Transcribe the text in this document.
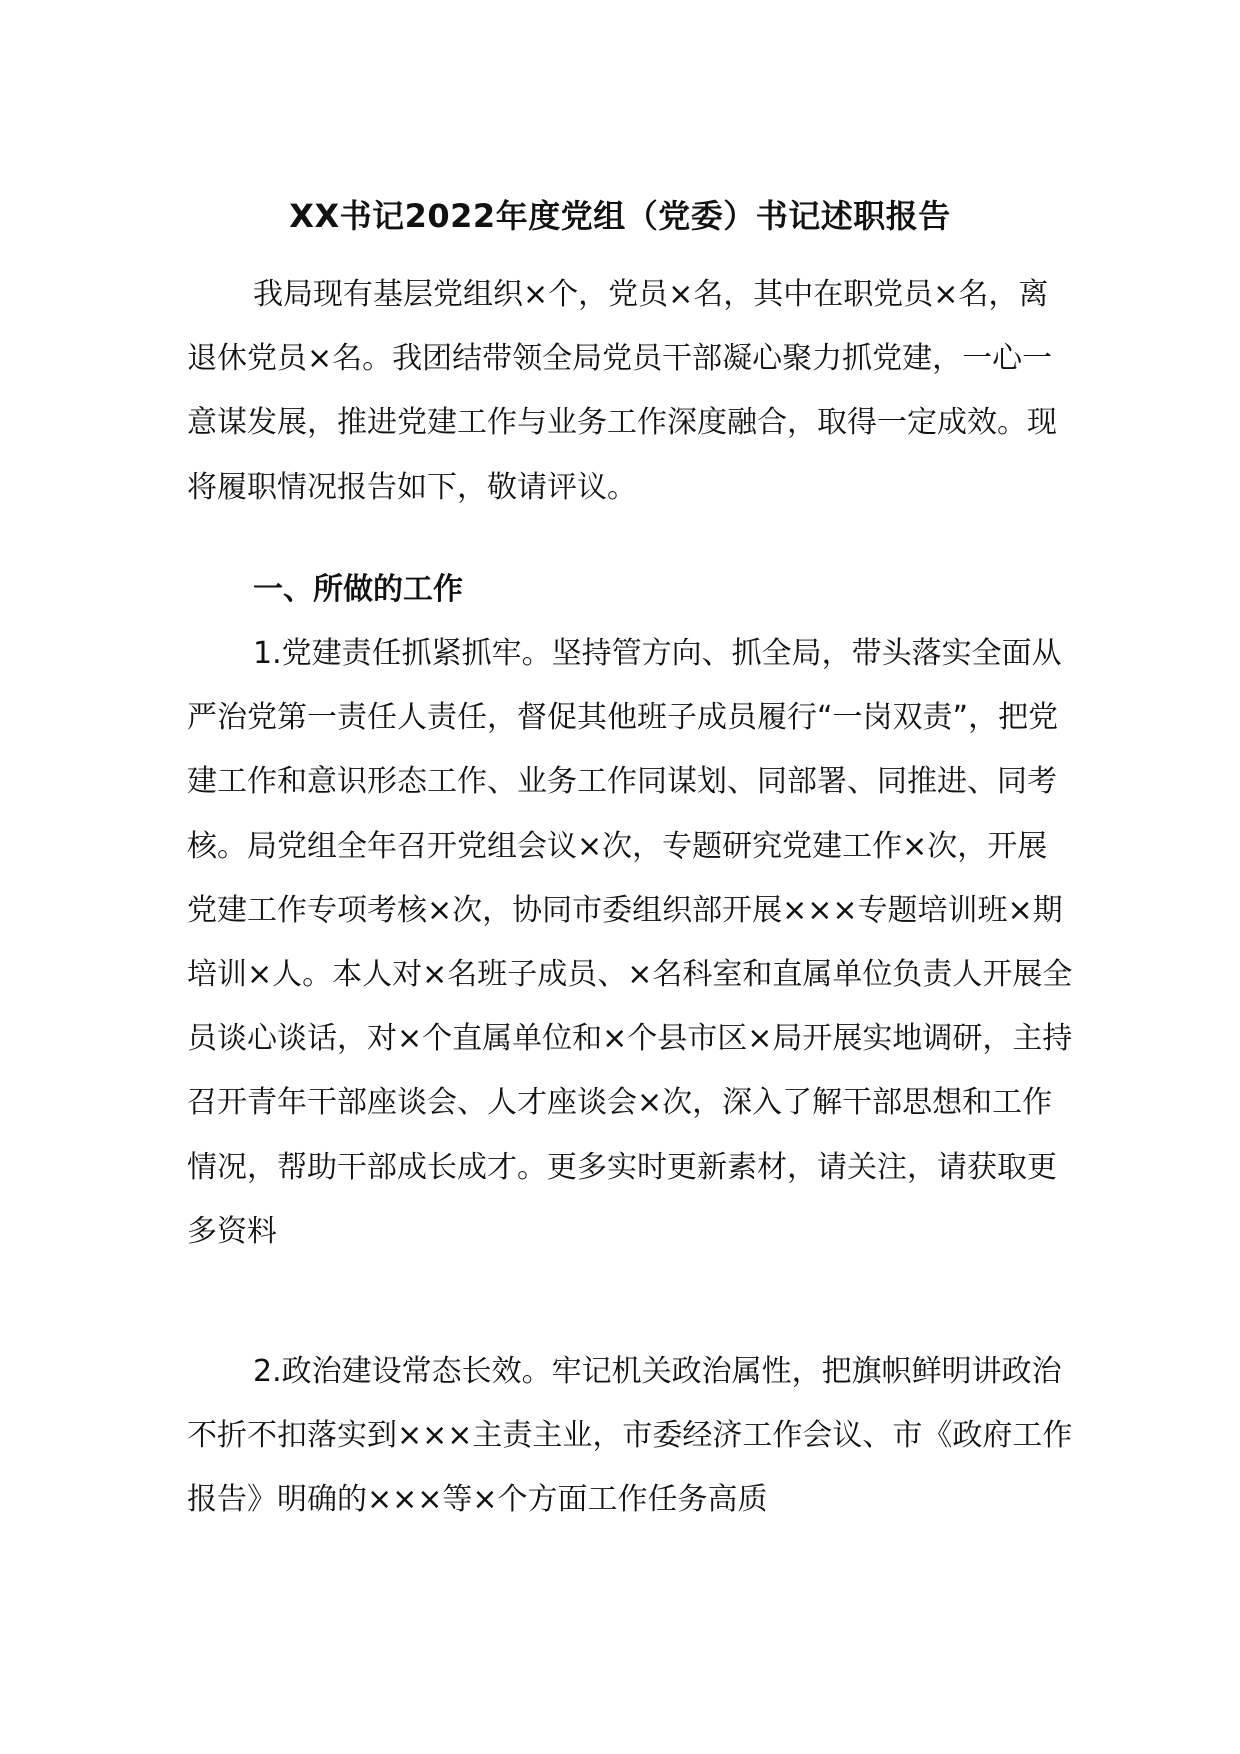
XX书记2022年度党组（党委）书记述职报告
我局现有基层党组织×个，党员×名，其中在职党员×名，离退休党员×名。我团结带领全局党员干部凝心聚力抓党建，一心一意谋发展，推进党建工作与业务工作深度融合，取得一定成效。现将履职情况报告如下，敬请评议。
一、所做的工作
1.党建责任抓紧抓牢。坚持管方向、抓全局，带头落实全面从严治党第一责任人责任，督促其他班子成员履行“一岗双责”，把党建工作和意识形态工作、业务工作同谋划、同部署、同推进、同考核。局党组全年召开党组会议×次，专题研究党建工作×次，开展党建工作专项考核×次，协同市委组织部开展×××专题培训班×期培训×人。本人对×名班子成员、×名科室和直属单位负责人开展全员谈心谈话，对×个直属单位和×个县市区×局开展实地调研，主持召开青年干部座谈会、人才座谈会×次，深入了解干部思想和工作情况，帮助干部成长成才。更多实时更新素材，请关注，请获取更多资料
2.政治建设常态长效。牢记机关政治属性，把旗帜鲜明讲政治不折不扣落实到×××主责主业，市委经济工作会议、市《政府工作报告》明确的×××等×个方面工作任务高质
